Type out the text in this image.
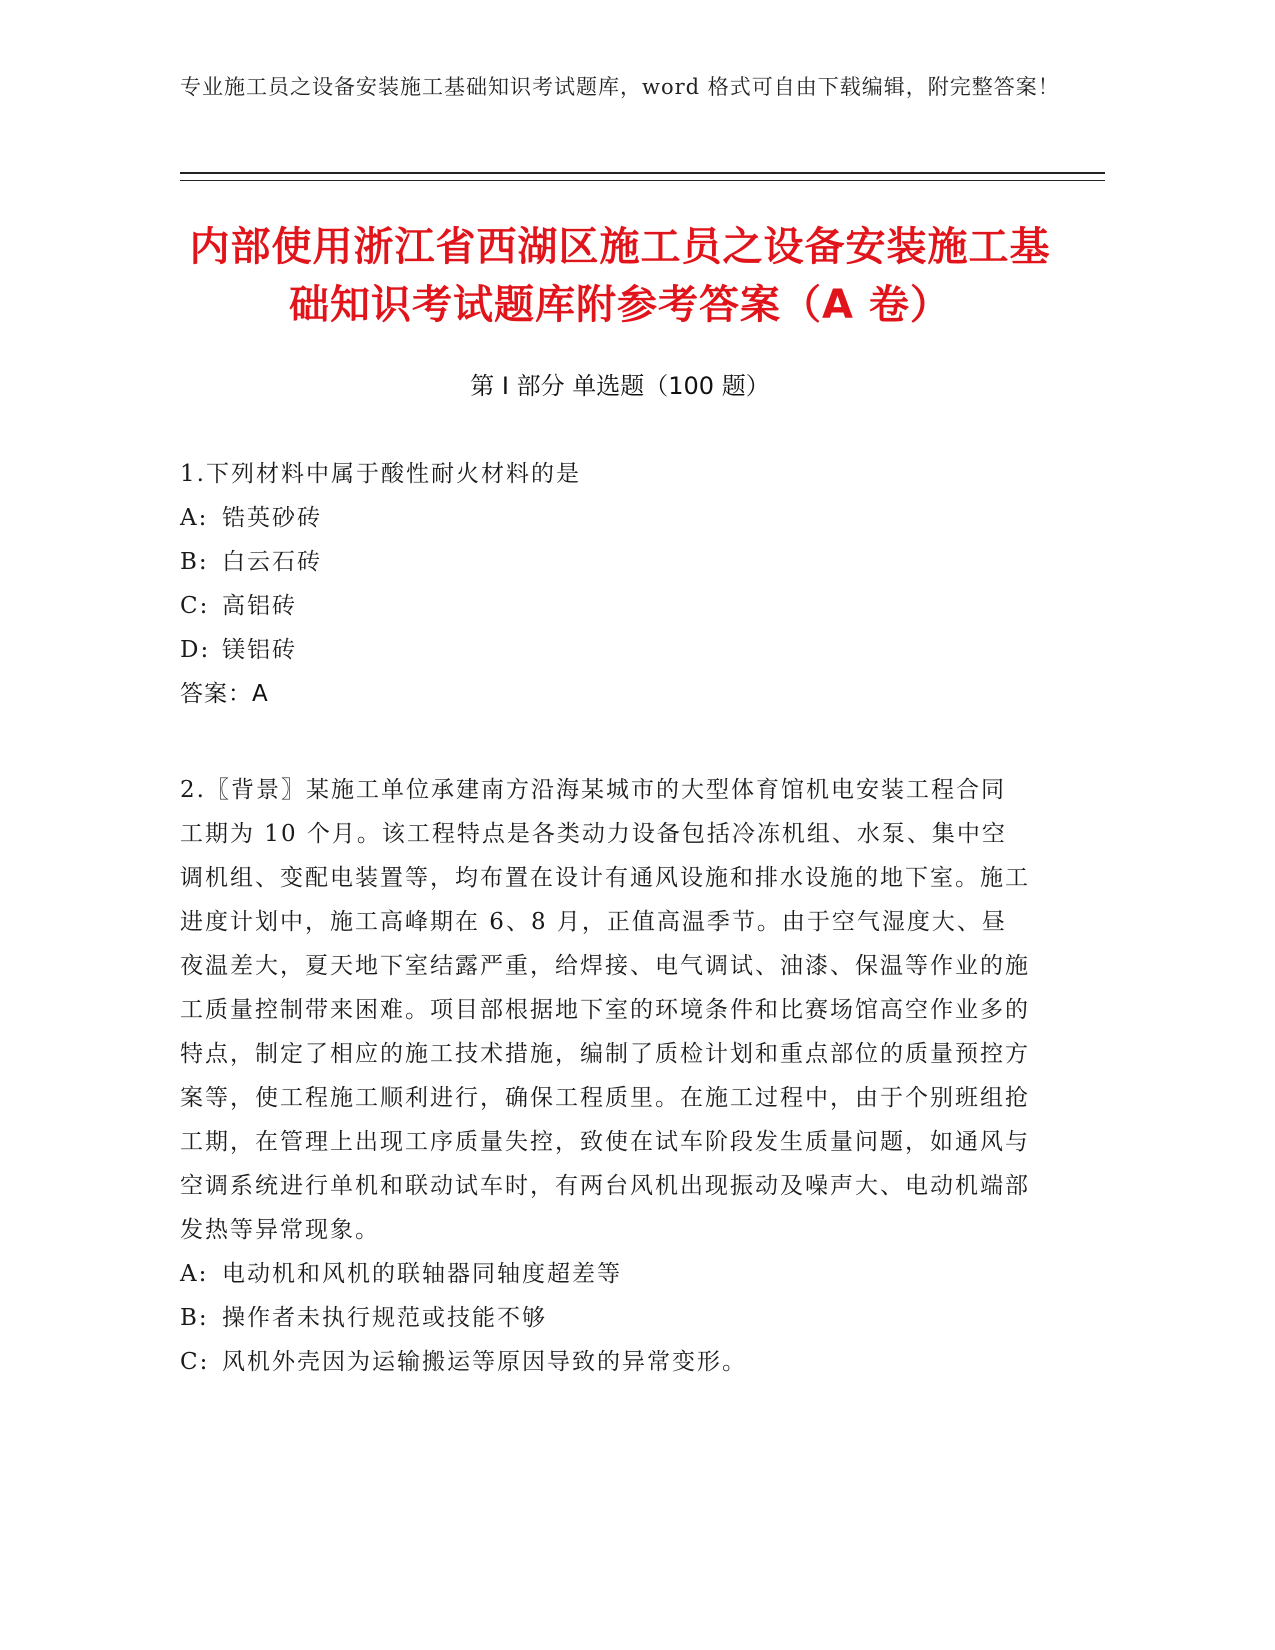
专业施工员之设备安装施工基础知识考试题库，word 格式可自由下载编辑，附完整答案！
内部使用浙江省西湖区施工员之设备安装施工基础知识考试题库附参考答案（A 卷）
第 I 部分 单选题（100 题）

1.下列材料中属于酸性耐火材料的是

A: 锆英砂砖
B: 白云石砖
C: 高铝砖
D: 镁铝砖
答案：A

2.〖背景〗某施工单位承建南方沿海某城市的大型体育馆机电安装工程合同工期为 10 个月。该工程特点是各类动力设备包括冷冻机组、水泵、集中空调机组、变配电装置等，均布置在设计有通风设施和排水设施的地下室。施工进度计划中，施工高峰期在 6、8 月，正值高温季节。由于空气湿度大、昼夜温差大，夏天地下室结露严重，给焊接、电气调试、油漆、保温等作业的施工质量控制带来困难。项目部根据地下室的环境条件和比赛场馆高空作业多的特点，制定了相应的施工技术措施，编制了质检计划和重点部位的质量预控方案等，使工程施工顺利进行，确保工程质里。在施工过程中，由于个别班组抢工期，在管理上出现工序质量失控，致使在试车阶段发生质量问题，如通风与空调系统进行单机和联动试车时，有两台风机出现振动及噪声大、电动机端部发热等异常现象。

A: 电动机和风机的联轴器同轴度超差等
B: 操作者未执行规范或技能不够
C: 风机外壳因为运输搬运等原因导致的异常变形。
